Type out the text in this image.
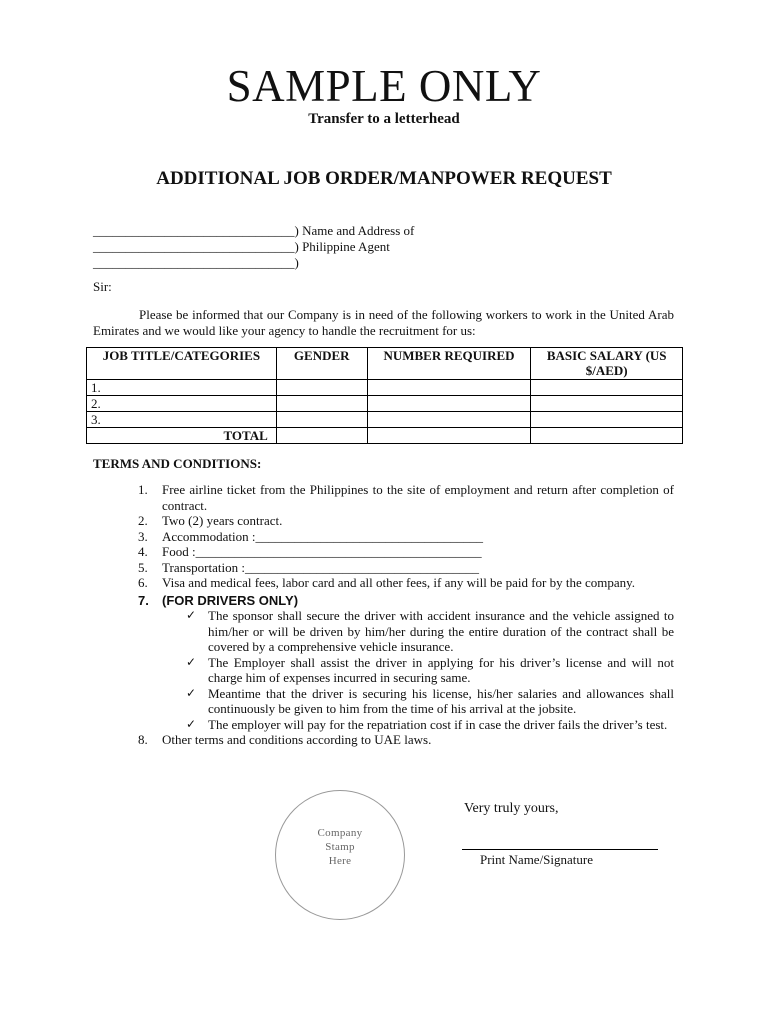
SAMPLE ONLY
Transfer to a letterhead
ADDITIONAL JOB ORDER/MANPOWER REQUEST
_______________________________) Name and Address of
_______________________________) Philippine Agent
_______________________________)
Sir:
Please be informed that our Company is in need of the following workers to work in the United Arab Emirates and we would like your agency to handle the recruitment for us:
JOB TITLE/CATEGORIES	GENDER	NUMBER REQUIRED	BASIC SALARY (US $/AED)
1.			
2.			
3.			
TOTAL			
TERMS AND CONDITIONS:
1.	Free airline ticket from the Philippines to the site of employment and return after completion of contract.
2.	Two (2) years contract.
3.	Accommodation :___________________________________
4.	Food :____________________________________________
5.	Transportation :____________________________________
6.	Visa and medical fees, labor card and all other fees, if any will be paid for by the company.
7.	(FOR DRIVERS ONLY)
✓ The sponsor shall secure the driver with accident insurance and the vehicle assigned to him/her or will be driven by him/her during the entire duration of the contract shall be covered by a comprehensive vehicle insurance.
✓ The Employer shall assist the driver in applying for his driver’s license and will not charge him of expenses incurred in securing same.
✓ Meantime that the driver is securing his license, his/her salaries and allowances shall continuously be given to him from the time of his arrival at the jobsite.
✓ The employer will pay for the repatriation cost if in case the driver fails the driver’s test.
8.	Other terms and conditions according to UAE laws.
Company
Stamp
Here
Very truly yours,
Print Name/Signature
